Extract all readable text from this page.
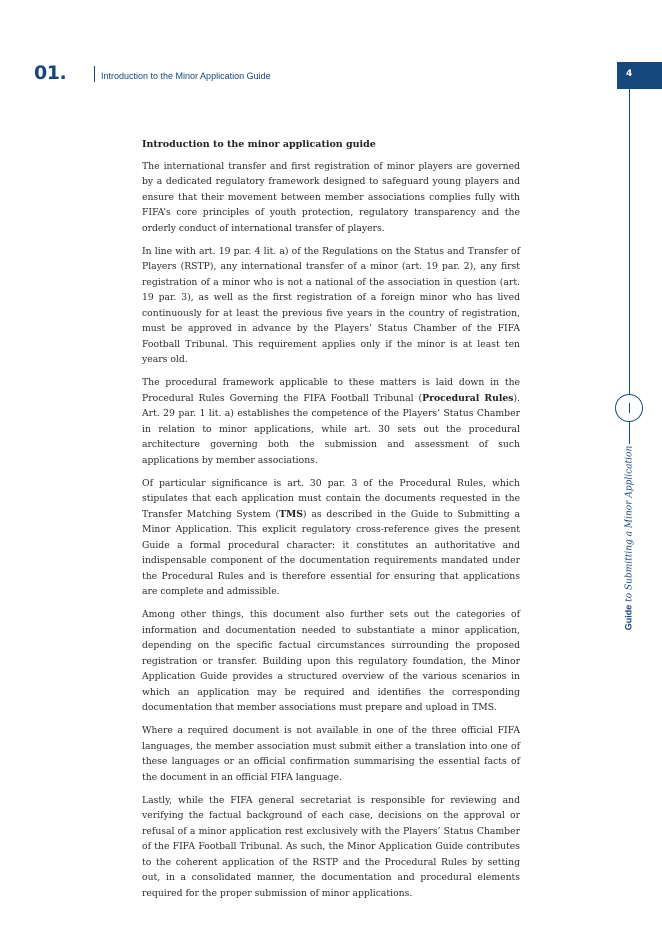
01.	Introduction to the Minor Application Guide	4
Guide to Submitting a Minor Application
Introduction to the minor application guide

The international transfer and first registration of minor players are governed by a dedicated regulatory framework designed to safeguard young players and ensure that their movement between member associations complies fully with FIFA’s core principles of youth protection, regulatory transparency and the orderly conduct of international transfer of players.

In line with art. 19 par. 4 lit. a) of the Regulations on the Status and Transfer of Players (RSTP), any international transfer of a minor (art. 19 par. 2), any first registration of a minor who is not a national of the association in question (art. 19 par. 3), as well as the first registration of a foreign minor who has lived continuously for at least the previous five years in the country of registration, must be approved in advance by the Players’ Status Chamber of the FIFA Football Tribunal. This requirement applies only if the minor is at least ten years old.

The procedural framework applicable to these matters is laid down in the Procedural Rules Governing the FIFA Football Tribunal (Procedural Rules). Art. 29 par. 1 lit. a) establishes the competence of the Players’ Status Chamber in relation to minor applications, while art. 30 sets out the procedural architecture governing both the submission and assessment of such applications by member associations.

Of particular significance is art. 30 par. 3 of the Procedural Rules, which stipulates that each application must contain the documents requested in the Transfer Matching System (TMS) as described in the Guide to Submitting a Minor Application. This explicit regulatory cross-reference gives the present Guide a formal procedural character: it constitutes an authoritative and indispensable component of the documentation requirements mandated under the Procedural Rules and is therefore essential for ensuring that applications are complete and admissible.

Among other things, this document also further sets out the categories of information and documentation needed to substantiate a minor application, depending on the specific factual circumstances surrounding the proposed registration or transfer. Building upon this regulatory foundation, the Minor Application Guide provides a structured overview of the various scenarios in which an application may be required and identifies the corresponding documentation that member associations must prepare and upload in TMS.

Where a required document is not available in one of the three official FIFA languages, the member association must submit either a translation into one of these languages or an official confirmation summarising the essential facts of the document in an official FIFA language.

Lastly, while the FIFA general secretariat is responsible for reviewing and verifying the factual background of each case, decisions on the approval or refusal of a minor application rest exclusively with the Players’ Status Chamber of the FIFA Football Tribunal. As such, the Minor Application Guide contributes to the coherent application of the RSTP and the Procedural Rules by setting out, in a consolidated manner, the documentation and procedural elements required for the proper submission of minor applications.
